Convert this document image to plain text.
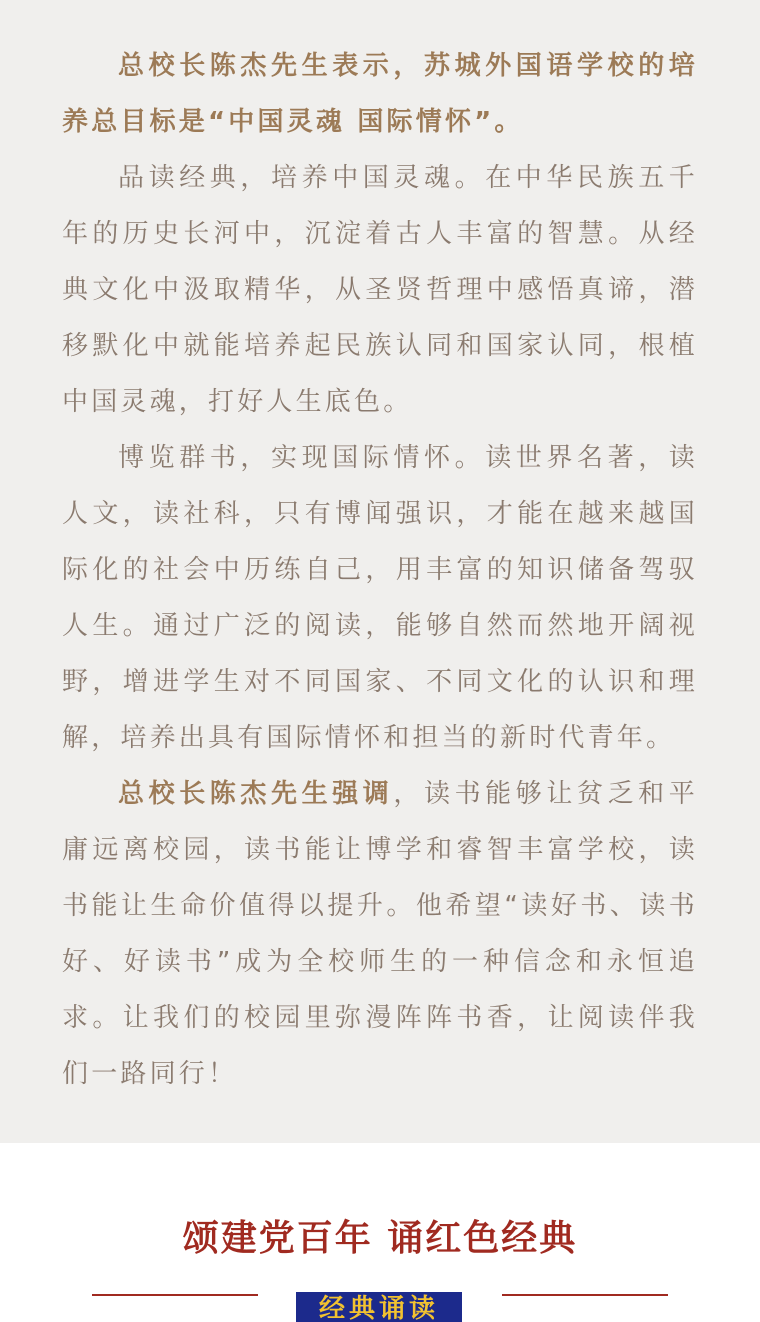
总校长陈杰先生表示，苏城外国语学校的培养总目标是“中国灵魂 国际情怀”。

品读经典，培养中国灵魂。在中华民族五千年的历史长河中，沉淀着古人丰富的智慧。从经典文化中汲取精华，从圣贤哲理中感悟真谛，潜移默化中就能培养起民族认同和国家认同，根植中国灵魂，打好人生底色。

博览群书，实现国际情怀。读世界名著，读人文，读社科，只有博闻强识，才能在越来越国际化的社会中历练自己，用丰富的知识储备驾驭人生。通过广泛的阅读，能够自然而然地开阔视野，增进学生对不同国家、不同文化的认识和理解，培养出具有国际情怀和担当的新时代青年。

总校长陈杰先生强调，读书能够让贫乏和平庸远离校园，读书能让博学和睿智丰富学校，读书能让生命价值得以提升。他希望“读好书、读书好、好读书”成为全校师生的一种信念和永恒追求。让我们的校园里弥漫阵阵书香，让阅读伴我们一路同行！

颂建党百年 诵红色经典
经典诵读
